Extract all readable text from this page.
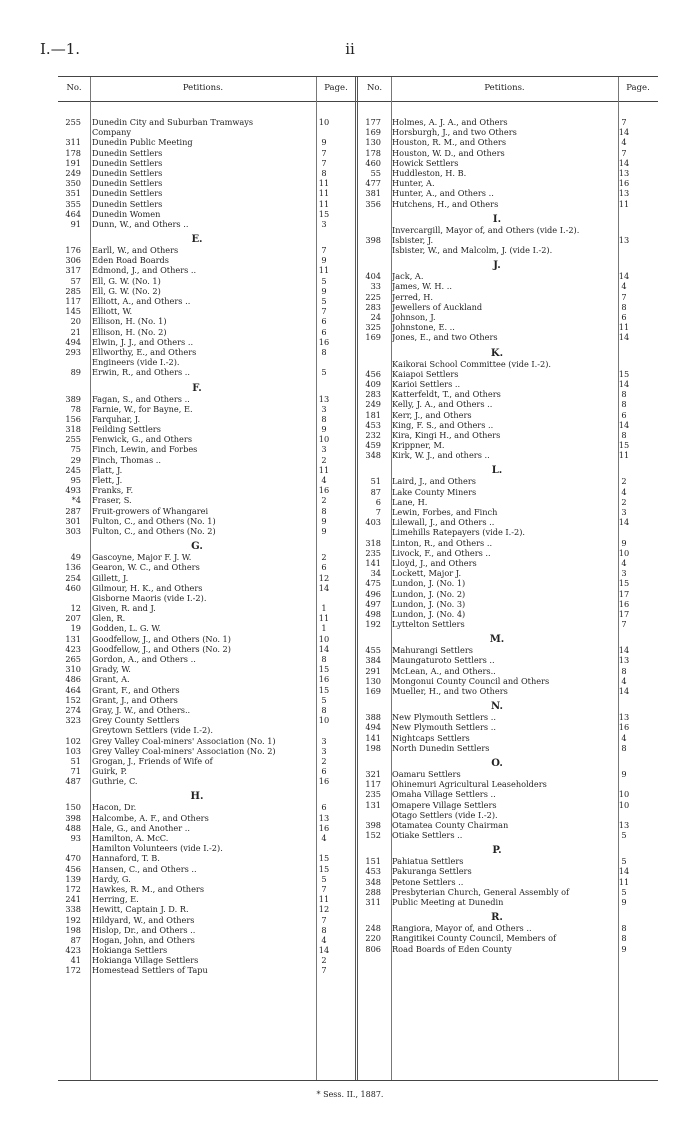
I.—1.	ii
No.	Petitions.	Page.	No.	Petitions.	Page.
255 Dunedin City and Suburban Tramways	10
Company
311 Dunedin Public Meeting	9
178 Dunedin Settlers	7
191 Dunedin Settlers	7
249 Dunedin Settlers	8
350 Dunedin Settlers	11
351 Dunedin Settlers	11
355 Dunedin Settlers	11
464 Dunedin Women	15
91 Dunn, W., and Others ..	3
E.
176 Earll, W., and Others	7
306 Eden Road Boards	9
317 Edmond, J., and Others ..	11
57 Ell, G. W. (No. 1)	5
285 Ell, G. W. (No. 2)	9
117 Elliott, A., and Others ..	5
145 Elliott, W.	7
20 Ellison, H. (No. 1)	6
21 Ellison, H. (No. 2)	6
494 Elwin, J. J., and Others ..	16
293 Ellworthy, E., and Others	8
Engineers (vide I.-2).
89 Erwin, R., and Others ..	5
F.
389 Fagan, S., and Others ..	13
78 Farnie, W., for Bayne, E.	3
156 Farquhar, J.	8
318 Feilding Settlers	9
255 Fenwick, G., and Others	10
75 Finch, Lewin, and Forbes	3
29 Finch, Thomas ..	2
245 Flatt, J.	11
95 Flett, J.	4
493 Franks, F.	16
*4 Fraser, S.	2
287 Fruit-growers of Whangarei	8
301 Fulton, C., and Others (No. 1)	9
303 Fulton, C., and Others (No. 2)	9
G.
49 Gascoyne, Major F. J. W.	2
136 Gearon, W. C., and Others	6
254 Gillett, J.	12
460 Gilmour, H. K., and Others	14
Gisborne Maoris (vide I.-2).
12 Given, R. and J.	1
207 Glen, R.	11
19 Godden, L. G. W.	1
131 Goodfellow, J., and Others (No. 1)	10
423 Goodfellow, J., and Others (No. 2)	14
265 Gordon, A., and Others ..	8
310 Grady, W.	15
486 Grant, A.	16
464 Grant, F., and Others	15
152 Grant, J., and Others	5
274 Gray, J. W., and Others..	8
323 Grey County Settlers	10
Greytown Settlers (vide I.-2).
102 Grey Valley Coal-miners' Association (No. 1)	3
103 Grey Valley Coal-miners' Association (No. 2)	3
51 Grogan, J., Friends of Wife of	2
71 Guirk, P.	6
487 Guthrie, C.	16
H.
150 Hacon, Dr.	6
398 Halcombe, A. F., and Others	13
488 Hale, G., and Another ..	16
93 Hamilton, A. McC.	4
Hamilton Volunteers (vide I.-2).
470 Hannaford, T. B.	15
456 Hansen, C., and Others ..	15
139 Hardy, G.	5
172 Hawkes, R. M., and Others	7
241 Herring, E.	11
338 Hewitt, Captain J. D. R.	12
192 Hildyard, W., and Others	7
198 Hislop, Dr., and Others ..	8
87 Hogan, John, and Others	4
423 Hokianga Settlers	14
41 Hokianga Village Settlers	2
172 Homestead Settlers of Tapu	7
177 Holmes, A. J. A., and Others	7
169 Horsburgh, J., and two Others	14
130 Houston, R. M., and Others	4
178 Houston, W. D., and Others	7
460 Howick Settlers	14
55 Huddleston, H. B.	13
477 Hunter, A.	16
381 Hunter, A., and Others ..	13
356 Hutchens, H., and Others	11
I.
Invercargill, Mayor of, and Others (vide I.-2).
398 Isbister, J.	13
Isbister, W., and Malcolm, J. (vide I.-2).
J.
404 Jack, A.	14
33 James, W. H. ..	4
225 Jerred, H.	7
283 Jewellers of Auckland	8
24 Johnson, J.	6
325 Johnstone, E. ..	11
169 Jones, E., and two Others	14
K.
Kaikorai School Committee (vide I.-2).
456 Kaiapoi Settlers	15
409 Karioi Settlers ..	14
283 Katterfeldt, T., and Others	8
249 Kelly, J. A., and Others ..	8
181 Kerr, J., and Others	6
453 King, F. S., and Others ..	14
232 Kira, Kingi H., and Others	8
459 Krippner, M.	15
348 Kirk, W. J., and others ..	11
L.
51 Laird, J., and Others	2
87 Lake County Miners	4
6 Lane, H.	2
7 Lewin, Forbes, and Finch	3
403 Lilewall, J., and Others ..	14
Limehills Ratepayers (vide I.-2).
318 Linton, R., and Others ..	9
235 Livock, F., and Others ..	10
141 Lloyd, J., and Others	4
34 Lockett, Major J.	3
475 Lundon, J. (No. 1)	15
496 Lundon, J. (No. 2)	17
497 Lundon, J. (No. 3)	16
498 Lundon, J. (No. 4)	17
192 Lyttelton Settlers	7
M.
455 Mahurangi Settlers	14
384 Maungaturoto Settlers ..	13
291 McLean, A., and Others..	8
130 Mongonui County Council and Others	4
169 Mueller, H., and two Others	14
N.
388 New Plymouth Settlers ..	13
494 New Plymouth Settlers ..	16
141 Nightcaps Settlers	4
198 North Dunedin Settlers	8
O.
321 Oamaru Settlers	9
117 Ohinemuri Agricultural Leaseholders
235 Omaha Village Settlers ..	10
131 Omapere Village Settlers	10
Otago Settlers (vide I.-2).
398 Otamatea County Chairman	13
152 Otiake Settlers ..	5
P.
151 Pahiatua Settlers	5
453 Pakuranga Settlers	14
348 Petone Settlers ..	11
288 Presbyterian Church, General Assembly of	5
311 Public Meeting at Dunedin	9
R.
248 Rangiora, Mayor of, and Others ..	8
220 Rangitikei County Council, Members of	8
806 Road Boards of Eden County	9
* Sess. II., 1887.
